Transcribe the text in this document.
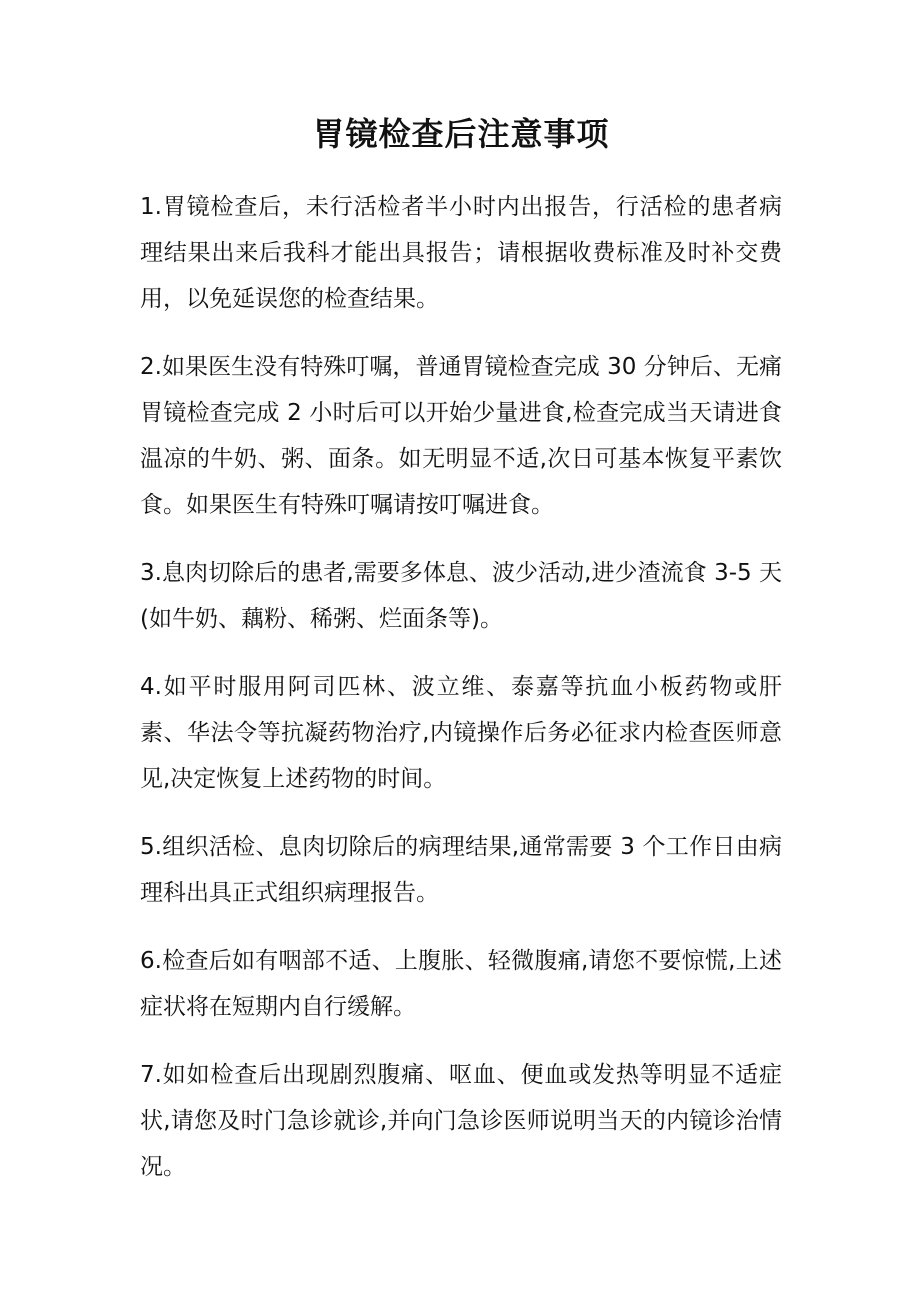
胃镜检查后注意事项

1.胃镜检查后，未行活检者半小时内出报告，行活检的患者病理结果出来后我科才能出具报告；请根据收费标准及时补交费用，以免延误您的检查结果。

2.如果医生没有特殊叮嘱，普通胃镜检查完成 30 分钟后、无痛胃镜检查完成 2 小时后可以开始少量进食,检查完成当天请进食温凉的牛奶、粥、面条。如无明显不适,次日可基本恢复平素饮食。如果医生有特殊叮嘱请按叮嘱进食。

3.息肉切除后的患者,需要多体息、波少活动,进少渣流食 3-5 天(如牛奶、藕粉、稀粥、烂面条等)。

4.如平时服用阿司匹林、波立维、泰嘉等抗血小板药物或肝素、华法令等抗凝药物治疗,内镜操作后务必征求内检查医师意见,决定恢复上述药物的时间。

5.组织活检、息肉切除后的病理结果,通常需要 3 个工作日由病理科出具正式组织病理报告。

6.检查后如有咽部不适、上腹胀、轻微腹痛,请您不要惊慌,上述症状将在短期内自行缓解。

7.如如检查后出现剧烈腹痛、呕血、便血或发热等明显不适症状,请您及时门急诊就诊,并向门急诊医师说明当天的内镜诊治情况。
